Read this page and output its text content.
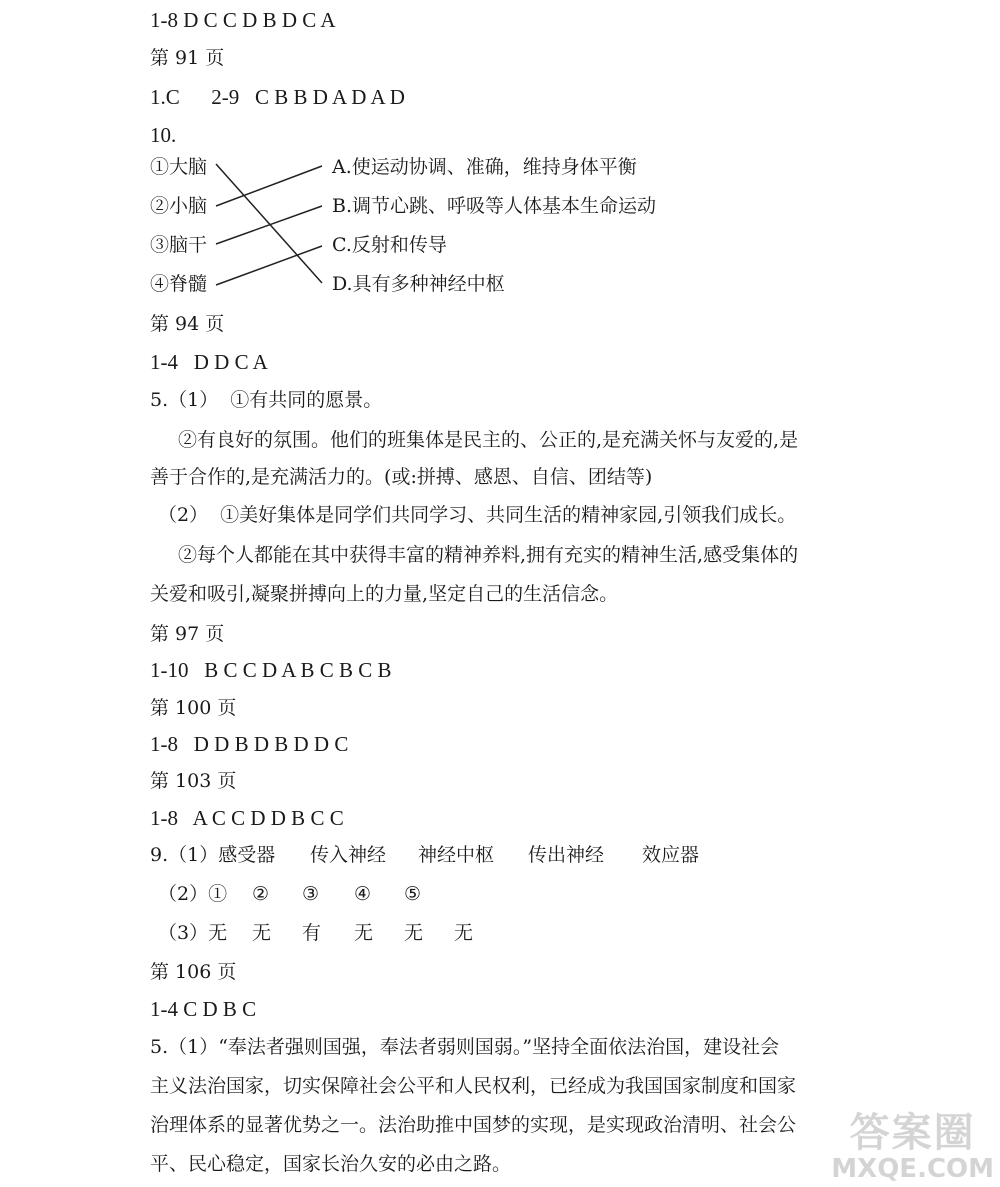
1-8 D C C D B D C A
第 91 页
1.C      2-9   C B B D A D A D
10.
①大脑
②小脑
③脑干
④脊髓
A.使运动协调、准确，维持身体平衡
B.调节心跳、呼吸等人体基本生命运动
C.反射和传导
D.具有多种神经中枢
第 94 页
1-4   D D C A
5.（1）  ①有共同的愿景。
②有良好的氛围。他们的班集体是民主的、公正的,是充满关怀与友爱的,是
善于合作的,是充满活力的。(或:拼搏、感恩、自信、团结等)
（2）  ①美好集体是同学们共同学习、共同生活的精神家园,引领我们成长。
②每个人都能在其中获得丰富的精神养料,拥有充实的精神生活,感受集体的
关爱和吸引,凝聚拼搏向上的力量,坚定自己的生活信念。
第 97 页
1-10   B C C D A B C B C B
第 100 页
1-8   D D B D B D D C
第 103 页
1-8   A C C D D B C C
9.（1）感受器 传入神经 神经中枢 传出神经 效应器
（2）① ② ③ ④ ⑤
（3）无 无 有 无 无 无
第 106 页
1-4 C D B C
5.（1）“奉法者强则国强，奉法者弱则国弱。”坚持全面依法治国，建设社会
主义法治国家，切实保障社会公平和人民权利，已经成为我国国家制度和国家
治理体系的显著优势之一。法治助推中国梦的实现，是实现政治清明、社会公
平、民心稳定，国家长治久安的必由之路。
答案圈
MXQE.COM
